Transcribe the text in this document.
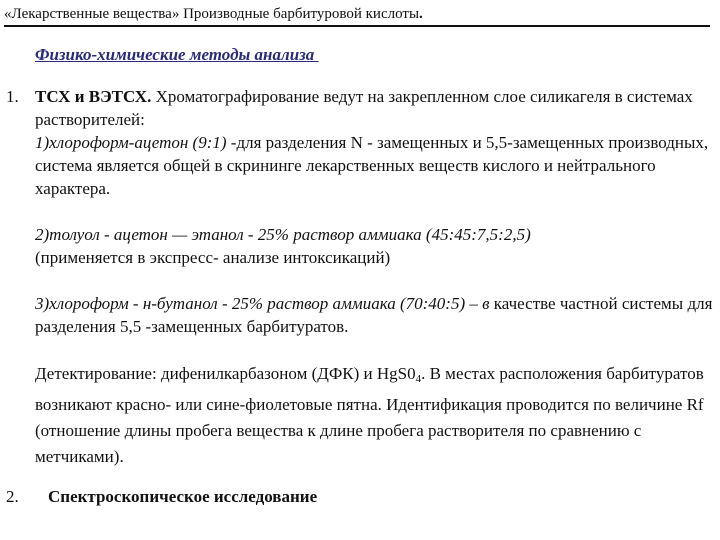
«Лекарственные вещества» Производные барбитуровой кислоты.
Физико-химические методы анализа
1. ТСХ и ВЭТСХ. Хроматографирование ведут на закрепленном слое силикагеля в системах растворителей:

1)хлороформ-ацетон (9:1) -для разделения N - замещенных и 5,5-замещенных производных, система является общей в скрининге лекарственных веществ кислого и нейтрального характера.

2)толуол - ацетон — этанол - 25% раствор аммиака (45:45:7,5:2,5)
(применяется в экспресс- анализе интоксикаций)

3)хлороформ - н-бутанол - 25% раствор аммиака (70:40:5) – в качестве частной системы для разделения 5,5 -замещенных барбитуратов.

Детектирование: дифенилкарбазоном (ДФК) и $HgS0_4$. В местах расположения барбитуратов возникают красно- или сине-фиолетовые пятна. Идентификация проводится по величине Rf (отношение длины пробега вещества к длине пробега растворителя по сравнению с метчиками).

2. Спектроскопическое исследование
